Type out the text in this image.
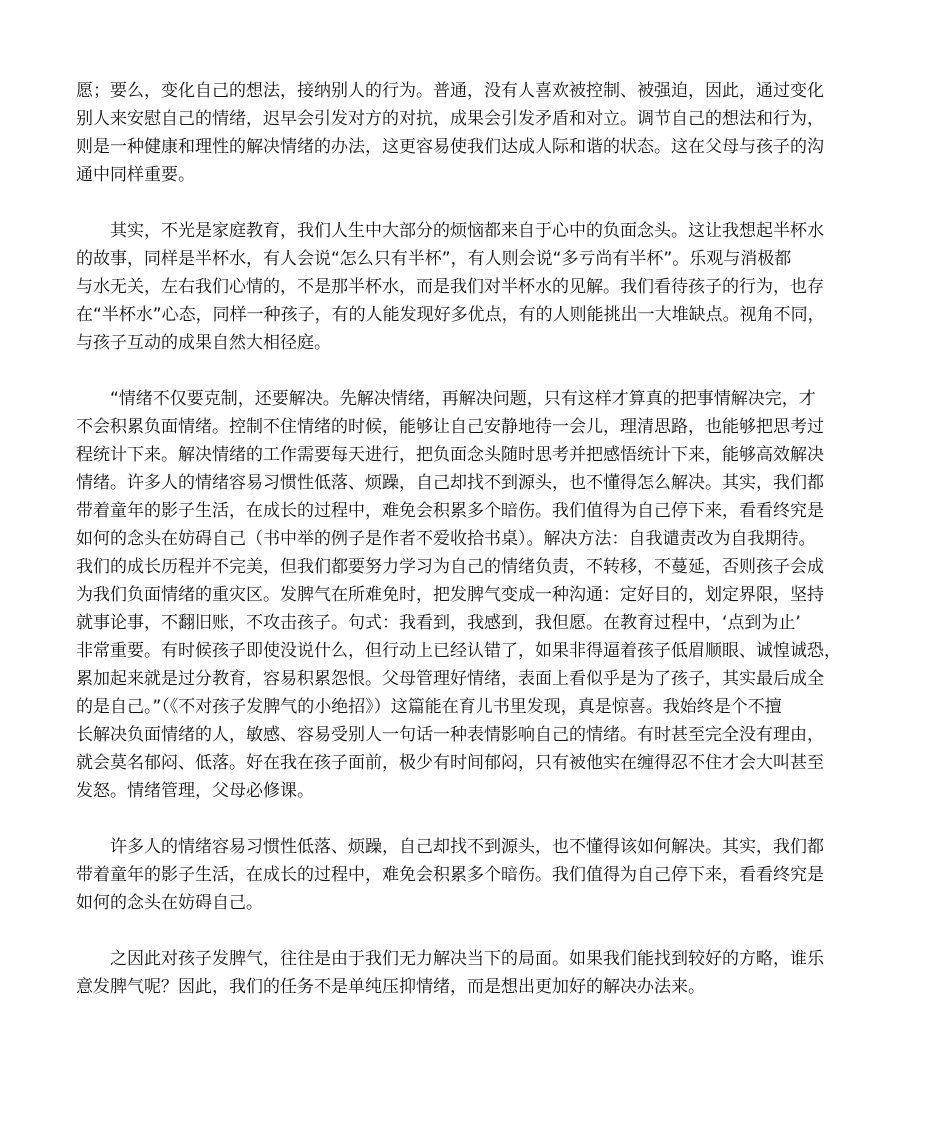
愿；要么，变化自己的想法，接纳别人的行为。普通，没有人喜欢被控制、被强迫，因此，通过变化
别人来安慰自己的情绪，迟早会引发对方的对抗，成果会引发矛盾和对立。调节自己的想法和行为，
则是一种健康和理性的解决情绪的办法，这更容易使我们达成人际和谐的状态。这在父母与孩子的沟
通中同样重要。
　　其实，不光是家庭教育，我们人生中大部分的烦恼都来自于心中的负面念头。这让我想起半杯水
的故事，同样是半杯水，有人会说“怎么只有半杯”，有人则会说“多亏尚有半杯”。乐观与消极都
与水无关，左右我们心情的，不是那半杯水，而是我们对半杯水的见解。我们看待孩子的行为，也存
在“半杯水”心态，同样一种孩子，有的人能发现好多优点，有的人则能挑出一大堆缺点。视角不同，
与孩子互动的成果自然大相径庭。
　　“情绪不仅要克制，还要解决。先解决情绪，再解决问题，只有这样才算真的把事情解决完，才
不会积累负面情绪。控制不住情绪的时候，能够让自己安静地待一会儿，理清思路，也能够把思考过
程统计下来。解决情绪的工作需要每天进行，把负面念头随时思考并把感悟统计下来，能够高效解决
情绪。许多人的情绪容易习惯性低落、烦躁，自己却找不到源头，也不懂得怎么解决。其实，我们都
带着童年的影子生活，在成长的过程中，难免会积累多个暗伤。我们值得为自己停下来，看看终究是
如何的念头在妨碍自己（书中举的例子是作者不爱收拾书桌）。解决方法：自我谴责改为自我期待。
我们的成长历程并不完美，但我们都要努力学习为自己的情绪负责，不转移，不蔓延，否则孩子会成
为我们负面情绪的重灾区。发脾气在所难免时，把发脾气变成一种沟通：定好目的，划定界限，坚持
就事论事，不翻旧账，不攻击孩子。句式：我看到，我感到，我但愿。在教育过程中，‘点到为止’
非常重要。有时候孩子即使没说什么，但行动上已经认错了，如果非得逼着孩子低眉顺眼、诚惶诚恐，
累加起来就是过分教育，容易积累怨恨。父母管理好情绪，表面上看似乎是为了孩子，其实最后成全
的是自己。”（《不对孩子发脾气的小绝招》）这篇能在育儿书里发现，真是惊喜。我始终是个不擅
长解决负面情绪的人，敏感、容易受别人一句话一种表情影响自己的情绪。有时甚至完全没有理由，
就会莫名郁闷、低落。好在我在孩子面前，极少有时间郁闷，只有被他实在缠得忍不住才会大叫甚至
发怒。情绪管理，父母必修课。
　　许多人的情绪容易习惯性低落、烦躁，自己却找不到源头，也不懂得该如何解决。其实，我们都
带着童年的影子生活，在成长的过程中，难免会积累多个暗伤。我们值得为自己停下来，看看终究是
如何的念头在妨碍自己。
　　之因此对孩子发脾气，往往是由于我们无力解决当下的局面。如果我们能找到较好的方略，谁乐
意发脾气呢？因此，我们的任务不是单纯压抑情绪，而是想出更加好的解决办法来。
